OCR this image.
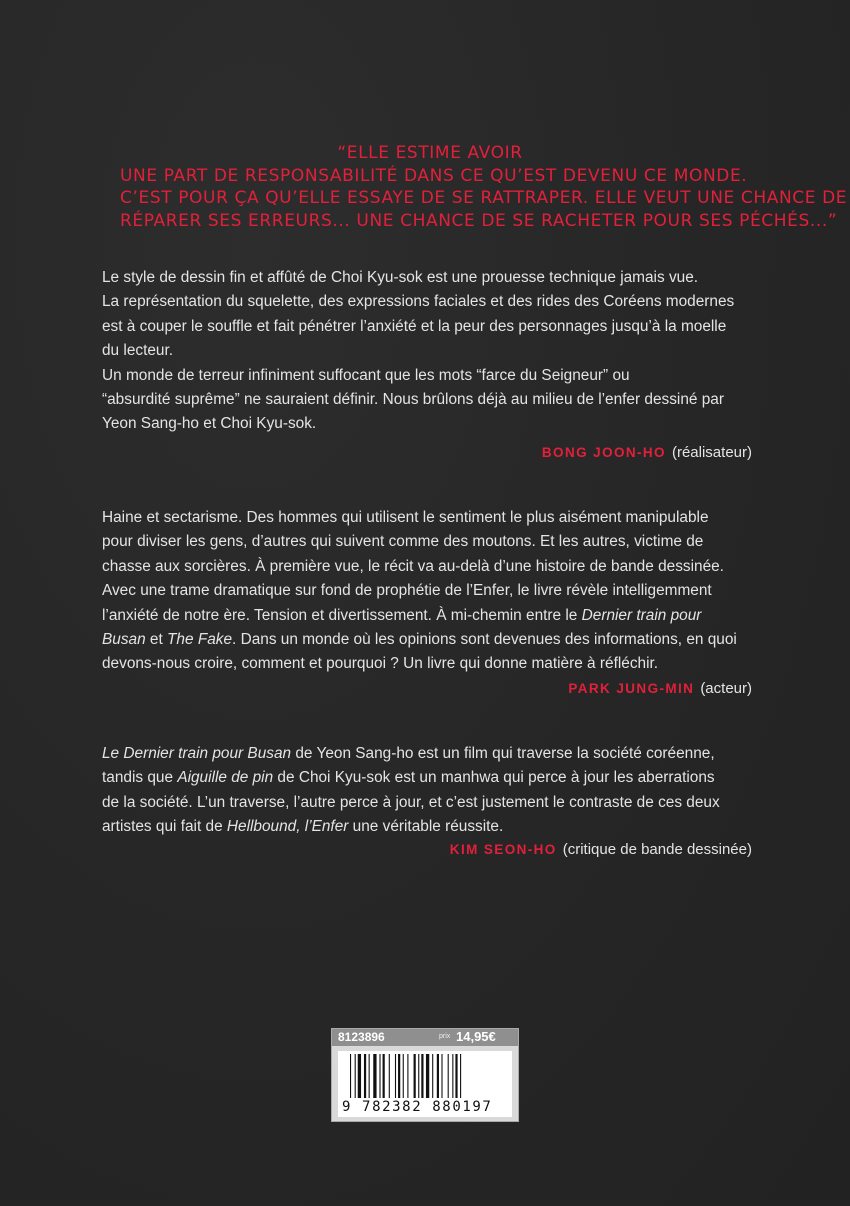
“ELLE ESTIME AVOIR
UNE PART DE RESPONSABILITÉ DANS CE QU’EST DEVENU CE MONDE.
C’EST POUR ÇA QU’ELLE ESSAYE DE SE RATTRAPER. ELLE VEUT UNE CHANCE DE
RÉPARER SES ERREURS... UNE CHANCE DE SE RACHETER POUR SES PÉCHÉS...”
Le style de dessin fin et affûté de Choi Kyu-sok est une prouesse technique jamais vue.
La représentation du squelette, des expressions faciales et des rides des Coréens modernes
est à couper le souffle et fait pénétrer l’anxiété et la peur des personnages jusqu’à la moelle
du lecteur.
Un monde de terreur infiniment suffocant que les mots “farce du Seigneur” ou
“absurdité suprême” ne sauraient définir. Nous brûlons déjà au milieu de l’enfer dessiné par
Yeon Sang-ho et Choi Kyu-sok.
BONG JOON-HO (réalisateur)
Haine et sectarisme. Des hommes qui utilisent le sentiment le plus aisément manipulable
pour diviser les gens, d’autres qui suivent comme des moutons. Et les autres, victime de
chasse aux sorcières. À première vue, le récit va au-delà d’une histoire de bande dessinée.
Avec une trame dramatique sur fond de prophétie de l’Enfer, le livre révèle intelligemment
l’anxiété de notre ère. Tension et divertissement. À mi-chemin entre le Dernier train pour
Busan et The Fake. Dans un monde où les opinions sont devenues des informations, en quoi
devons-nous croire, comment et pourquoi ? Un livre qui donne matière à réfléchir.
PARK JUNG-MIN (acteur)
Le Dernier train pour Busan de Yeon Sang-ho est un film qui traverse la société coréenne,
tandis que Aiguille de pin de Choi Kyu-sok est un manhwa qui perce à jour les aberrations
de la société. L’un traverse, l’autre perce à jour, et c’est justement le contraste de ces deux
artistes qui fait de Hellbound, l’Enfer une véritable réussite.
KIM SEON-HO (critique de bande dessinée)
8123896	prix 14,95€
9 782382 880197
